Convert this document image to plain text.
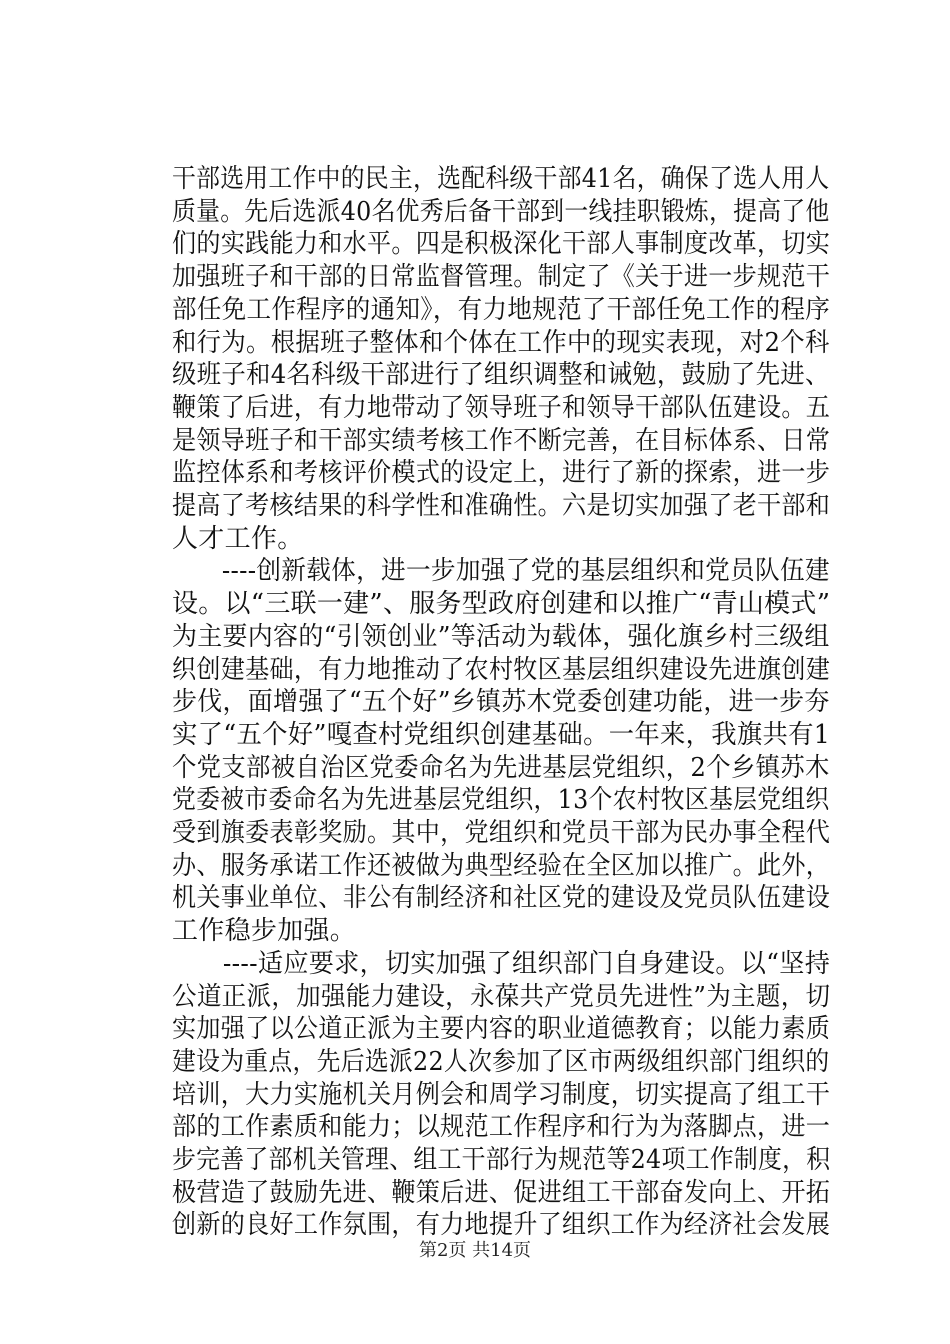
干部选用工作中的民主，选配科级干部41名，确保了选人用人
质量。先后选派40名优秀后备干部到一线挂职锻炼，提高了他
们的实践能力和水平。四是积极深化干部人事制度改革，切实
加强班子和干部的日常监督管理。制定了《关于进一步规范干
部任免工作程序的通知》，有力地规范了干部任免工作的程序
和行为。根据班子整体和个体在工作中的现实表现，对2个科
级班子和4名科级干部进行了组织调整和诫勉，鼓励了先进、
鞭策了后进，有力地带动了领导班子和领导干部队伍建设。五
是领导班子和干部实绩考核工作不断完善，在目标体系、日常
监控体系和考核评价模式的设定上，进行了新的探索，进一步
提高了考核结果的科学性和准确性。六是切实加强了老干部和
人才工作。
　　----创新载体，进一步加强了党的基层组织和党员队伍建
设。以“三联一建”、服务型政府创建和以推广“青山模式”
为主要内容的“引领创业”等活动为载体，强化旗乡村三级组
织创建基础，有力地推动了农村牧区基层组织建设先进旗创建
步伐，面增强了“五个好”乡镇苏木党委创建功能，进一步夯
实了“五个好”嘎查村党组织创建基础。一年来，我旗共有1
个党支部被自治区党委命名为先进基层党组织，2个乡镇苏木
党委被市委命名为先进基层党组织，13个农村牧区基层党组织
受到旗委表彰奖励。其中，党组织和党员干部为民办事全程代
办、服务承诺工作还被做为典型经验在全区加以推广。此外，
机关事业单位、非公有制经济和社区党的建设及党员队伍建设
工作稳步加强。
　　----适应要求，切实加强了组织部门自身建设。以“坚持
公道正派，加强能力建设，永葆共产党员先进性”为主题，切
实加强了以公道正派为主要内容的职业道德教育；以能力素质
建设为重点，先后选派22人次参加了区市两级组织部门组织的
培训，大力实施机关月例会和周学习制度，切实提高了组工干
部的工作素质和能力；以规范工作程序和行为为落脚点，进一
步完善了部机关管理、组工干部行为规范等24项工作制度，积
极营造了鼓励先进、鞭策后进、促进组工干部奋发向上、开拓
创新的良好工作氛围，有力地提升了组织工作为经济社会发展
第2页 共14页
